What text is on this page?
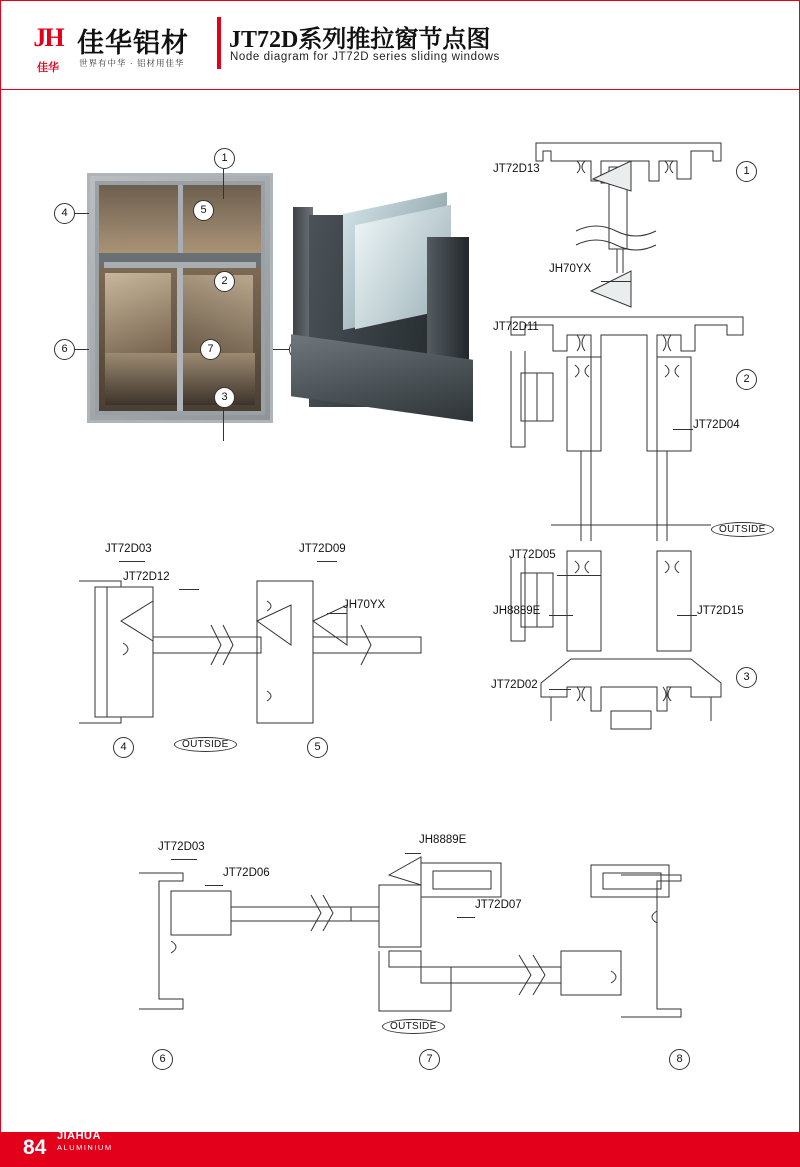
JH
佳华
佳华铝材
世界有中华 · 铝材用佳华
JT72D系列推拉窗节点图
Node diagram for JT72D series sliding windows
1
5
2
7
3
4
6
JT72D13	1
JH70YX
JT72D11
JT72D04
2
OUTSIDE
JT72D05
JH8889E	JT72D15
JT72D02
3
JT72D03
JT72D12
JT72D09
JH70YX
4	OUTSIDE	5
JT72D03
JT72D06
JH8889E
JT72D07
OUTSIDE
6	7	8
84 JIAHUA
ALUMINIUM
